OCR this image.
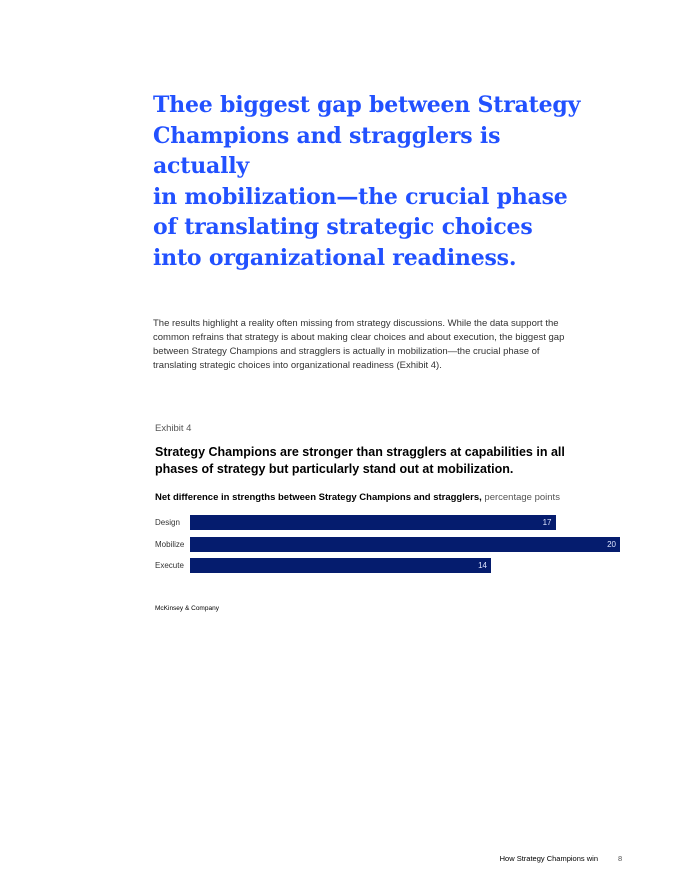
Thee biggest gap between Strategy
Champions and stragglers is actually
in mobilization—the crucial phase
of translating strategic choices
into organizational readiness.

The results highlight a reality often missing from strategy discussions. While the data support the common refrains that strategy is about making clear choices and about execution, the biggest gap between Strategy Champions and stragglers is actually in mobilization—the crucial phase of translating strategic choices into organizational readiness (Exhibit 4).

Exhibit 4

Strategy Champions are stronger than stragglers at capabilities in all phases of strategy but particularly stand out at mobilization.

Net difference in strengths between Strategy Champions and stragglers, percentage points

Design	17
Mobilize	20
Execute	14

McKinsey & Company

How Strategy Champions win	8
